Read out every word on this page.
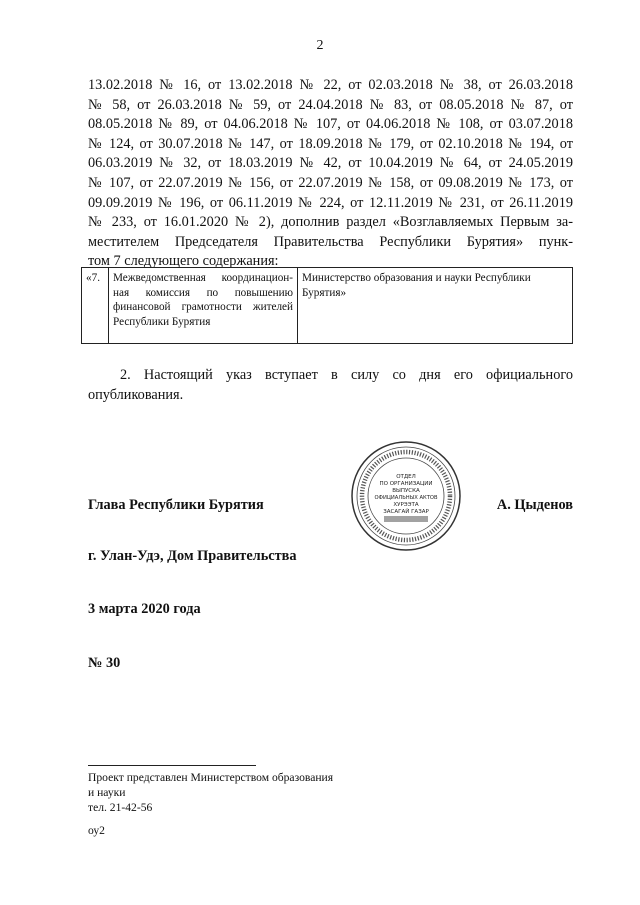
2
13.02.2018 № 16, от 13.02.2018 № 22, от 02.03.2018 № 38, от 26.03.2018
№ 58, от 26.03.2018 № 59, от 24.04.2018 № 83, от 08.05.2018 № 87, от
08.05.2018 № 89, от 04.06.2018 № 107, от 04.06.2018 № 108, от 03.07.2018
№ 124, от 30.07.2018 № 147, от 18.09.2018 № 179, от 02.10.2018 № 194, от
06.03.2019 № 32, от 18.03.2019 № 42, от 10.04.2019 № 64, от 24.05.2019
№ 107, от 22.07.2019 № 156, от 22.07.2019 № 158, от 09.08.2019 № 173, от
09.09.2019 № 196, от 06.11.2019 № 224, от 12.11.2019 № 231, от 26.11.2019
№ 233, от 16.01.2020 № 2), дополнив раздел «Возглавляемых Первым за-
местителем Председателя Правительства Республики Бурятия» пунк-
том 7 следующего содержания:
«7.	Межведомственная координацион-
ная комиссия по повышению
финансовой грамотности жителей
Республики Бурятия
	Министерство образования и науки Республики Бурятия»
2. Настоящий указ вступает в силу со дня его официального
опубликования.
ОТДЕЛ
ПО ОРГАНИЗАЦИИ
ВЫПУСКА
ОФИЦИАЛЬНЫХ АКТОВ
ХУРЭЭТА
ЗАСАГАЙ ГАЗАР
Глава Республики Бурятия	А. Цыденов
г. Улан-Удэ, Дом Правительства
3 марта 2020 года
№ 30
Проект представлен Министерством образования
и науки
тел. 21-42-56
оу2
